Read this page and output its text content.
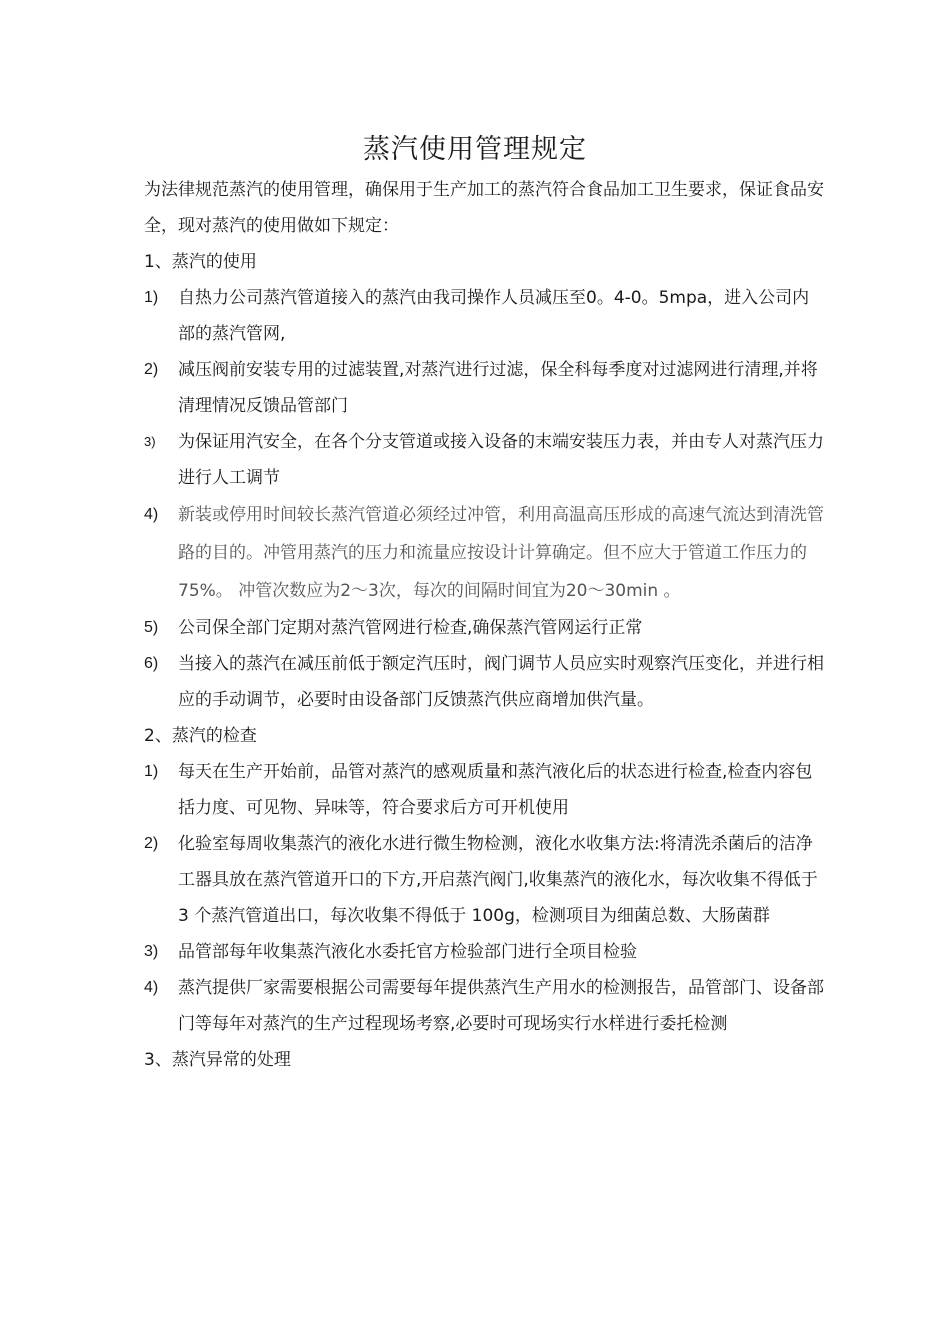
蒸汽使用管理规定

为法律规范蒸汽的使用管理，确保用于生产加工的蒸汽符合食品加工卫生要求，保证食品安全，现对蒸汽的使用做如下规定：

1、蒸汽的使用

1)	自热力公司蒸汽管道接入的蒸汽由我司操作人员减压至0。4-0。5mpa，进入公司内部的蒸汽管网,
2)	减压阀前安装专用的过滤装置,对蒸汽进行过滤，保全科每季度对过滤网进行清理,并将清理情况反馈品管部门
3)	为保证用汽安全，在各个分支管道或接入设备的末端安装压力表，并由专人对蒸汽压力进行人工调节
4)	新装或停用时间较长蒸汽管道必须经过冲管，利用高温高压形成的高速气流达到清洗管路的目的。冲管用蒸汽的压力和流量应按设计计算确定。但不应大于管道工作压力的75%。 冲管次数应为2～3次，每次的间隔时间宜为20～30min 。
5)	公司保全部门定期对蒸汽管网进行检查,确保蒸汽管网运行正常
6)	当接入的蒸汽在减压前低于额定汽压时，阀门调节人员应实时观察汽压变化，并进行相应的手动调节，必要时由设备部门反馈蒸汽供应商增加供汽量。

2、蒸汽的检查

1)	每天在生产开始前，品管对蒸汽的感观质量和蒸汽液化后的状态进行检查,检查内容包括力度、可见物、异味等，符合要求后方可开机使用
2)	化验室每周收集蒸汽的液化水进行微生物检测，液化水收集方法:将清洗杀菌后的洁净工器具放在蒸汽管道开口的下方,开启蒸汽阀门,收集蒸汽的液化水，每次收集不得低于 3 个蒸汽管道出口，每次收集不得低于 100g，检测项目为细菌总数、大肠菌群
3)	品管部每年收集蒸汽液化水委托官方检验部门进行全项目检验
4)	蒸汽提供厂家需要根据公司需要每年提供蒸汽生产用水的检测报告，品管部门、设备部门等每年对蒸汽的生产过程现场考察,必要时可现场实行水样进行委托检测

3、蒸汽异常的处理
